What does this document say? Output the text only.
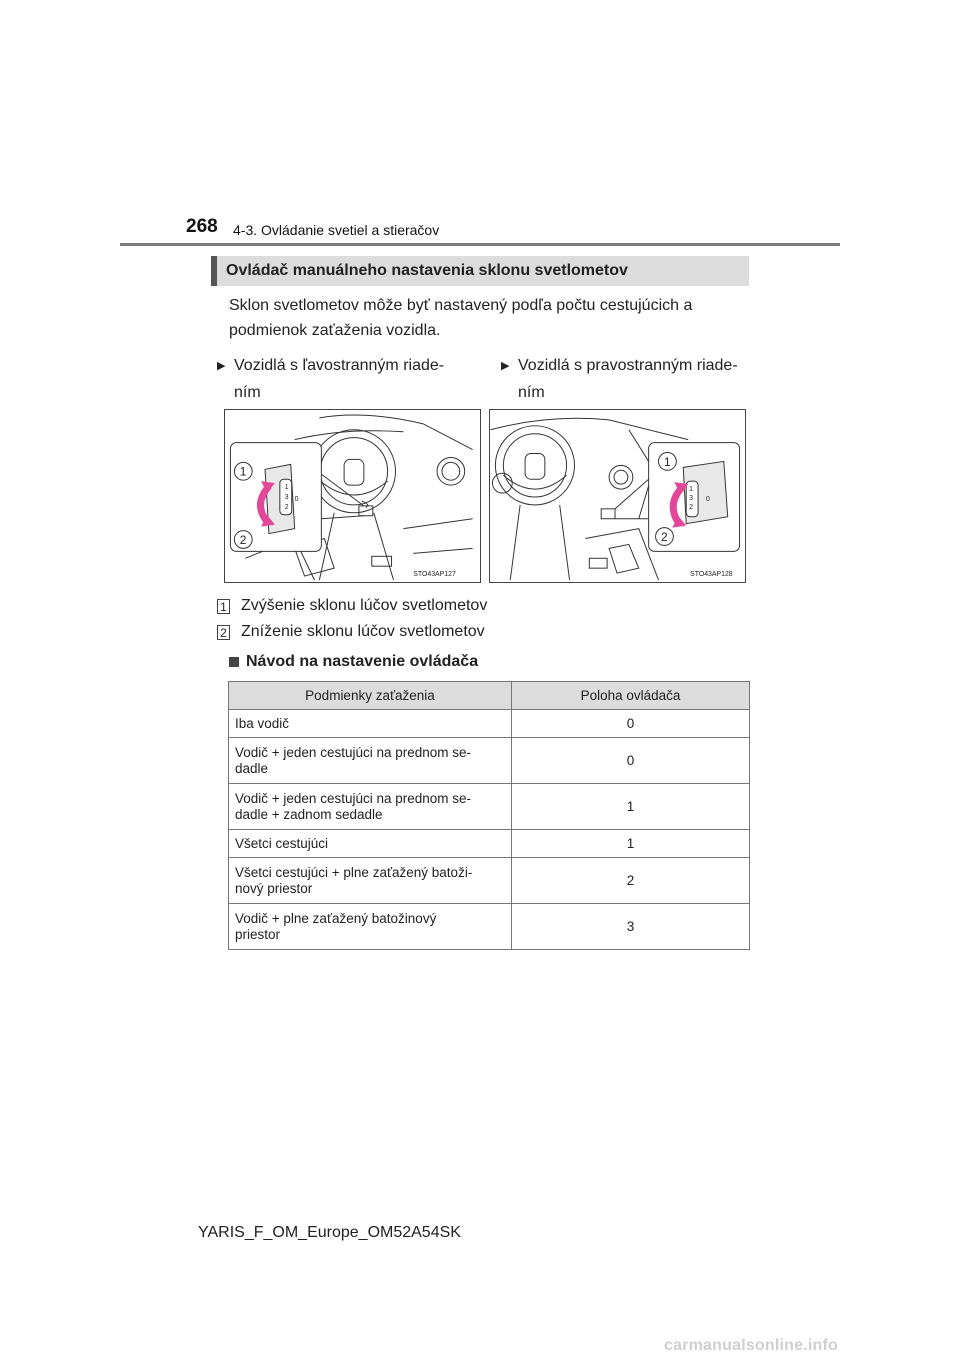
268 4-3. Ovládanie svetiel a stieračov
Ovládač manuálneho nastavenia sklonu svetlometov
Sklon svetlometov môže byť nastavený podľa počtu cestujúcich a podmienok zaťaženia vozidla.
▶ Vozidlá s ľavostranným riade-
ním
▶ Vozidlá s pravostranným riade-
ním
0
1
2
3
1
2
STO43AP127
0
1
2
3
1
2
STO43AP128
1 Zvýšenie sklonu lúčov svetlometov
2 Zníženie sklonu lúčov svetlometov
Návod na nastavenie ovládača
Podmienky zaťaženia	Poloha ovládača
Iba vodič	0
Vodič + jeden cestujúci na prednom se-
dadle	0
Vodič + jeden cestujúci na prednom se-
dadle + zadnom sedadle	1
Všetci cestujúci	1
Všetci cestujúci + plne zaťažený batoži-
nový priestor	2
Vodič + plne zaťažený batožinový
priestor	3
YARIS_F_OM_Europe_OM52A54SK
carmanualsonline.info
